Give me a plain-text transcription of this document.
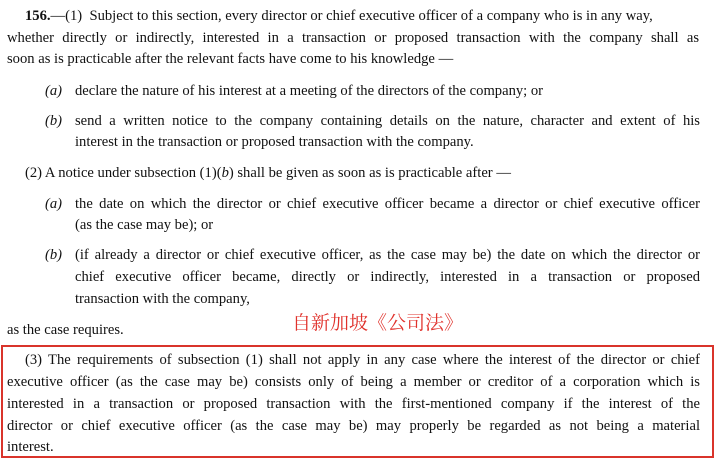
156.—(1) Subject to this section, every director or chief executive officer of a company who is in any way,
whether directly or indirectly, interested in a transaction or proposed transaction with the company shall as
soon as is practicable after the relevant facts have come to his knowledge —
(a) declare the nature of his interest at a meeting of the directors of the company; or
(b) send a written notice to the company containing details on the nature, character and extent of his
interest in the transaction or proposed transaction with the company.
(2) A notice under subsection (1)(b) shall be given as soon as is practicable after —
(a) the date on which the director or chief executive officer became a director or chief executive officer
(as the case may be); or
(b) (if already a director or chief executive officer, as the case may be) the date on which the director or
chief executive officer became, directly or indirectly, interested in a transaction or proposed
transaction with the company,
as the case requires.	自新加坡《公司法》
(3) The requirements of subsection (1) shall not apply in any case where the interest of the director or chief
executive officer (as the case may be) consists only of being a member or creditor of a corporation which is
interested in a transaction or proposed transaction with the first-mentioned company if the interest of the
director or chief executive officer (as the case may be) may properly be regarded as not being a material
interest.
